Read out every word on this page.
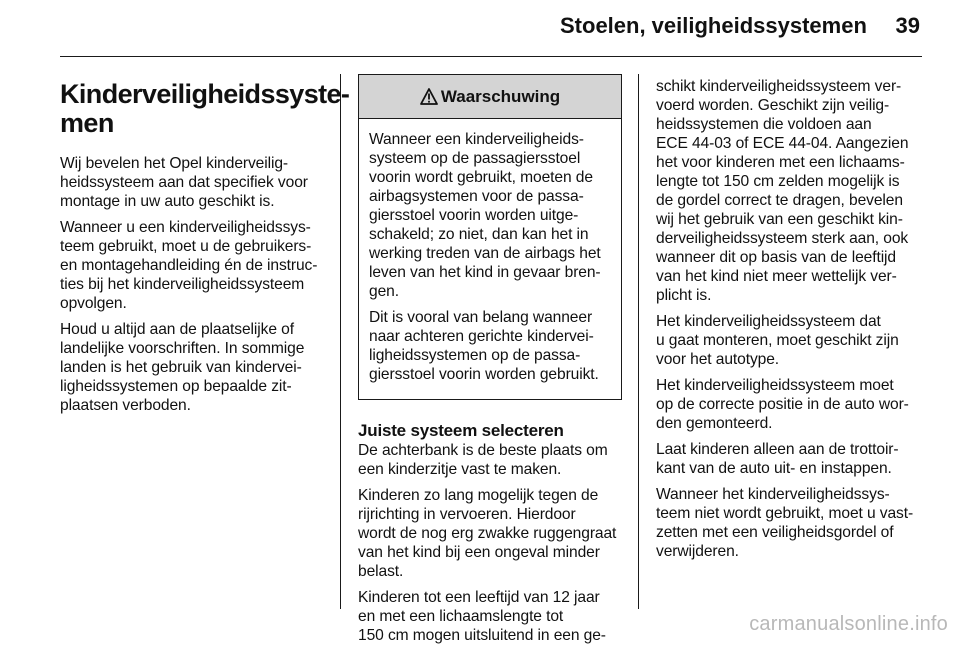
Stoelen, veiligheidssystemen 39
Kinderveiligheidssyste-
men

Wij bevelen het Opel kinderveilig-
heidssysteem aan dat specifiek voor
montage in uw auto geschikt is.

Wanneer u een kinderveiligheidssys-
teem gebruikt, moet u de gebruikers-
en montagehandleiding én de instruc-
ties bij het kinderveiligheidssysteem
opvolgen.

Houd u altijd aan de plaatselijke of
landelijke voorschriften. In sommige
landen is het gebruik van kindervei-
ligheidssystemen op bepaalde zit-
plaatsen verboden.

Waarschuwing

Wanneer een kinderveiligheids-
systeem op de passagiersstoel
voorin wordt gebruikt, moeten de
airbagsystemen voor de passa-
giersstoel voorin worden uitge-
schakeld; zo niet, dan kan het in
werking treden van de airbags het
leven van het kind in gevaar bren-
gen.

Dit is vooral van belang wanneer
naar achteren gerichte kindervei-
ligheidssystemen op de passa-
giersstoel voorin worden gebruikt.

Juiste systeem selecteren

De achterbank is de beste plaats om
een kinderzitje vast te maken.

Kinderen zo lang mogelijk tegen de
rijrichting in vervoeren. Hierdoor
wordt de nog erg zwakke ruggengraat
van het kind bij een ongeval minder
belast.

Kinderen tot een leeftijd van 12 jaar
en met een lichaamslengte tot
150 cm mogen uitsluitend in een ge-

schikt kinderveiligheidssysteem ver-
voerd worden. Geschikt zijn veilig-
heidssystemen die voldoen aan
ECE 44-03 of ECE 44-04. Aangezien
het voor kinderen met een lichaams-
lengte tot 150 cm zelden mogelijk is
de gordel correct te dragen, bevelen
wij het gebruik van een geschikt kin-
derveiligheidssysteem sterk aan, ook
wanneer dit op basis van de leeftijd
van het kind niet meer wettelijk ver-
plicht is.

Het kinderveiligheidssysteem dat
u gaat monteren, moet geschikt zijn
voor het autotype.

Het kinderveiligheidssysteem moet
op de correcte positie in de auto wor-
den gemonteerd.

Laat kinderen alleen aan de trottoir-
kant van de auto uit- en instappen.

Wanneer het kinderveiligheidssys-
teem niet wordt gebruikt, moet u vast-
zetten met een veiligheidsgordel of
verwijderen.

carmanualsonline.info
